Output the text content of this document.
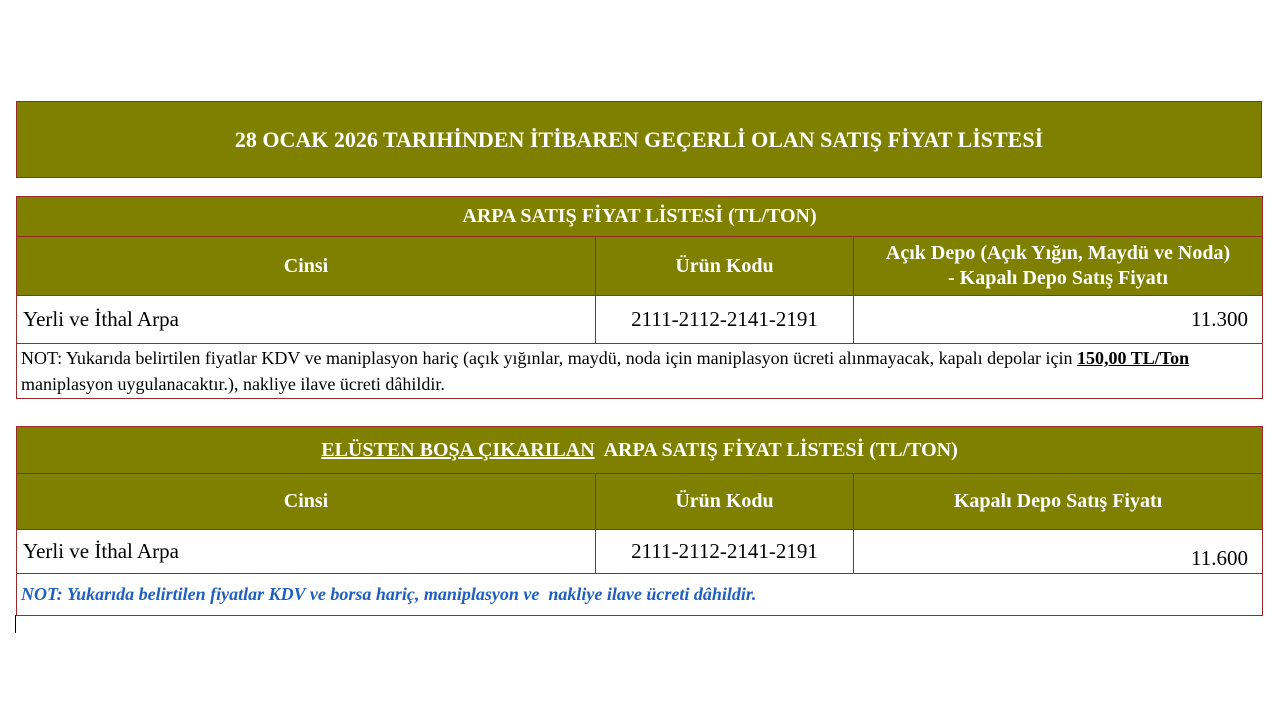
28 OCAK 2026 TARIHİNDEN İTİBAREN GEÇERLİ OLAN SATIŞ FİYAT LİSTESİ
ARPA SATIŞ FİYAT LİSTESİ (TL/TON)		
Cinsi	Ürün Kodu	Açık Depo (Açık Yığın, Maydü ve Noda)
- Kapalı Depo Satış Fiyatı
Yerli ve İthal Arpa	2111-2112-2141-2191	11.300
NOT: Yukarıda belirtilen fiyatlar KDV ve maniplasyon hariç (açık yığınlar, maydü, noda için maniplasyon ücreti alınmayacak, kapalı depolar için 150,00 TL/Ton maniplasyon uygulanacaktır.), nakliye ilave ücreti dâhildir.		
ELÜSTEN BOŞA ÇIKARILAN  ARPA SATIŞ FİYAT LİSTESİ (TL/TON)		
Cinsi	Ürün Kodu	Kapalı Depo Satış Fiyatı
Yerli ve İthal Arpa	2111-2112-2141-2191	11.600
NOT: Yukarıda belirtilen fiyatlar KDV ve borsa hariç, maniplasyon ve  nakliye ilave ücreti dâhildir.		
